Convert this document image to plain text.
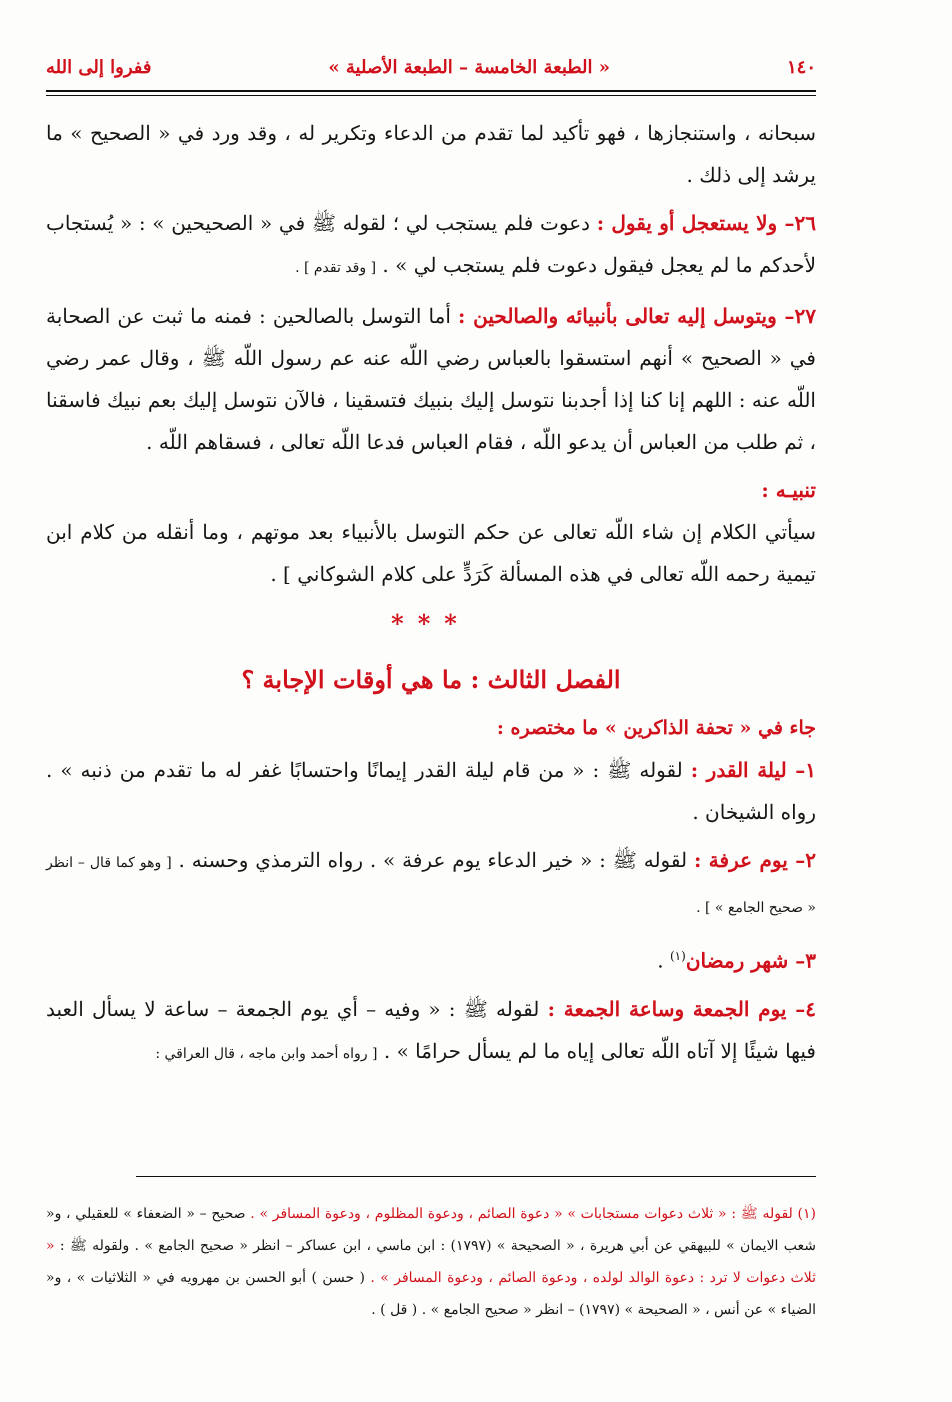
١٤٠
« الطبعة الخامسة – الطبعة الأصلية »
ففروا إلى الله

سبحانه ، واستنجازها ، فهو تأكيد لما تقدم من الدعاء وتكرير له ، وقد ورد في « الصحيح » ما يرشد إلى ذلك .

٢٦– ولا يستعجل أو يقول : دعوت فلم يستجب لي ؛ لقوله ﷺ في « الصحيحين » : « يُستجاب لأحدكم ما لم يعجل فيقول دعوت فلم يستجب لي » . [ وقد تقدم ] .

٢٧– ويتوسل إليه تعالى بأنبيائه والصالحين : أما التوسل بالصالحين : فمنه ما ثبت عن الصحابة في « الصحيح » أنهم استسقوا بالعباس رضي اللّه عنه عم رسول اللّه ﷺ ، وقال عمر رضي اللّه عنه : اللهم إنا كنا إذا أجدبنا نتوسل إليك بنبيك فتسقينا ، فالآن نتوسل إليك بعم نبيك فاسقنا ، ثم طلب من العباس أن يدعو اللّه ، فقام العباس فدعا اللّه تعالى ، فسقاهم اللّه .

تنبيـه :

سيأتي الكلام إن شاء اللّه تعالى عن حكم التوسل بالأنبياء بعد موتهم ، وما أنقله من كلام ابن تيمية رحمه اللّه تعالى في هذه المسألة كَرَدٍّ على كلام الشوكاني ] .

***
الفصل الثالث : ما هي أوقات الإجابة ؟

جاء في « تحفة الذاكرين » ما مختصره :

١– ليلة القدر : لقوله ﷺ : « من قام ليلة القدر إيمانًا واحتسابًا غفر له ما تقدم من ذنبه » . رواه الشيخان .

٢– يوم عرفة : لقوله ﷺ : « خير الدعاء يوم عرفة » . رواه الترمذي وحسنه . [ وهو كما قال – انظر « صحيح الجامع » ] .

٣– شهر رمضان$^{(١)}$ .

٤– يوم الجمعة وساعة الجمعة : لقوله ﷺ : « وفيه – أي يوم الجمعة – ساعة لا يسأل العبد فيها شيئًا إلا آتاه اللّه تعالى إياه ما لم يسأل حرامًا » . [ رواه أحمد وابن ماجه ، قال العراقي :

(١) لقوله ﷺ : « ثلاث دعوات مستجابات » « دعوة الصائم ، ودعوة المظلوم ، ودعوة المسافر » . صحيح – « الضعفاء » للعقيلي ، و« شعب الايمان » للبيهقي عن أبي هريرة ، « الصحيحة » (١٧٩٧) : ابن ماسي ، ابن عساكر – انظر « صحيح الجامع » . ولقوله ﷺ : « ثلاث دعوات لا ترد : دعوة الوالد لولده ، ودعوة الصائم ، ودعوة المسافر » . ( حسن ) أبو الحسن بن مهرويه في « الثلاثيات » ، و« الضياء » عن أنس ، « الصحيحة » (١٧٩٧) – انظر « صحيح الجامع » . ( قل ) .
